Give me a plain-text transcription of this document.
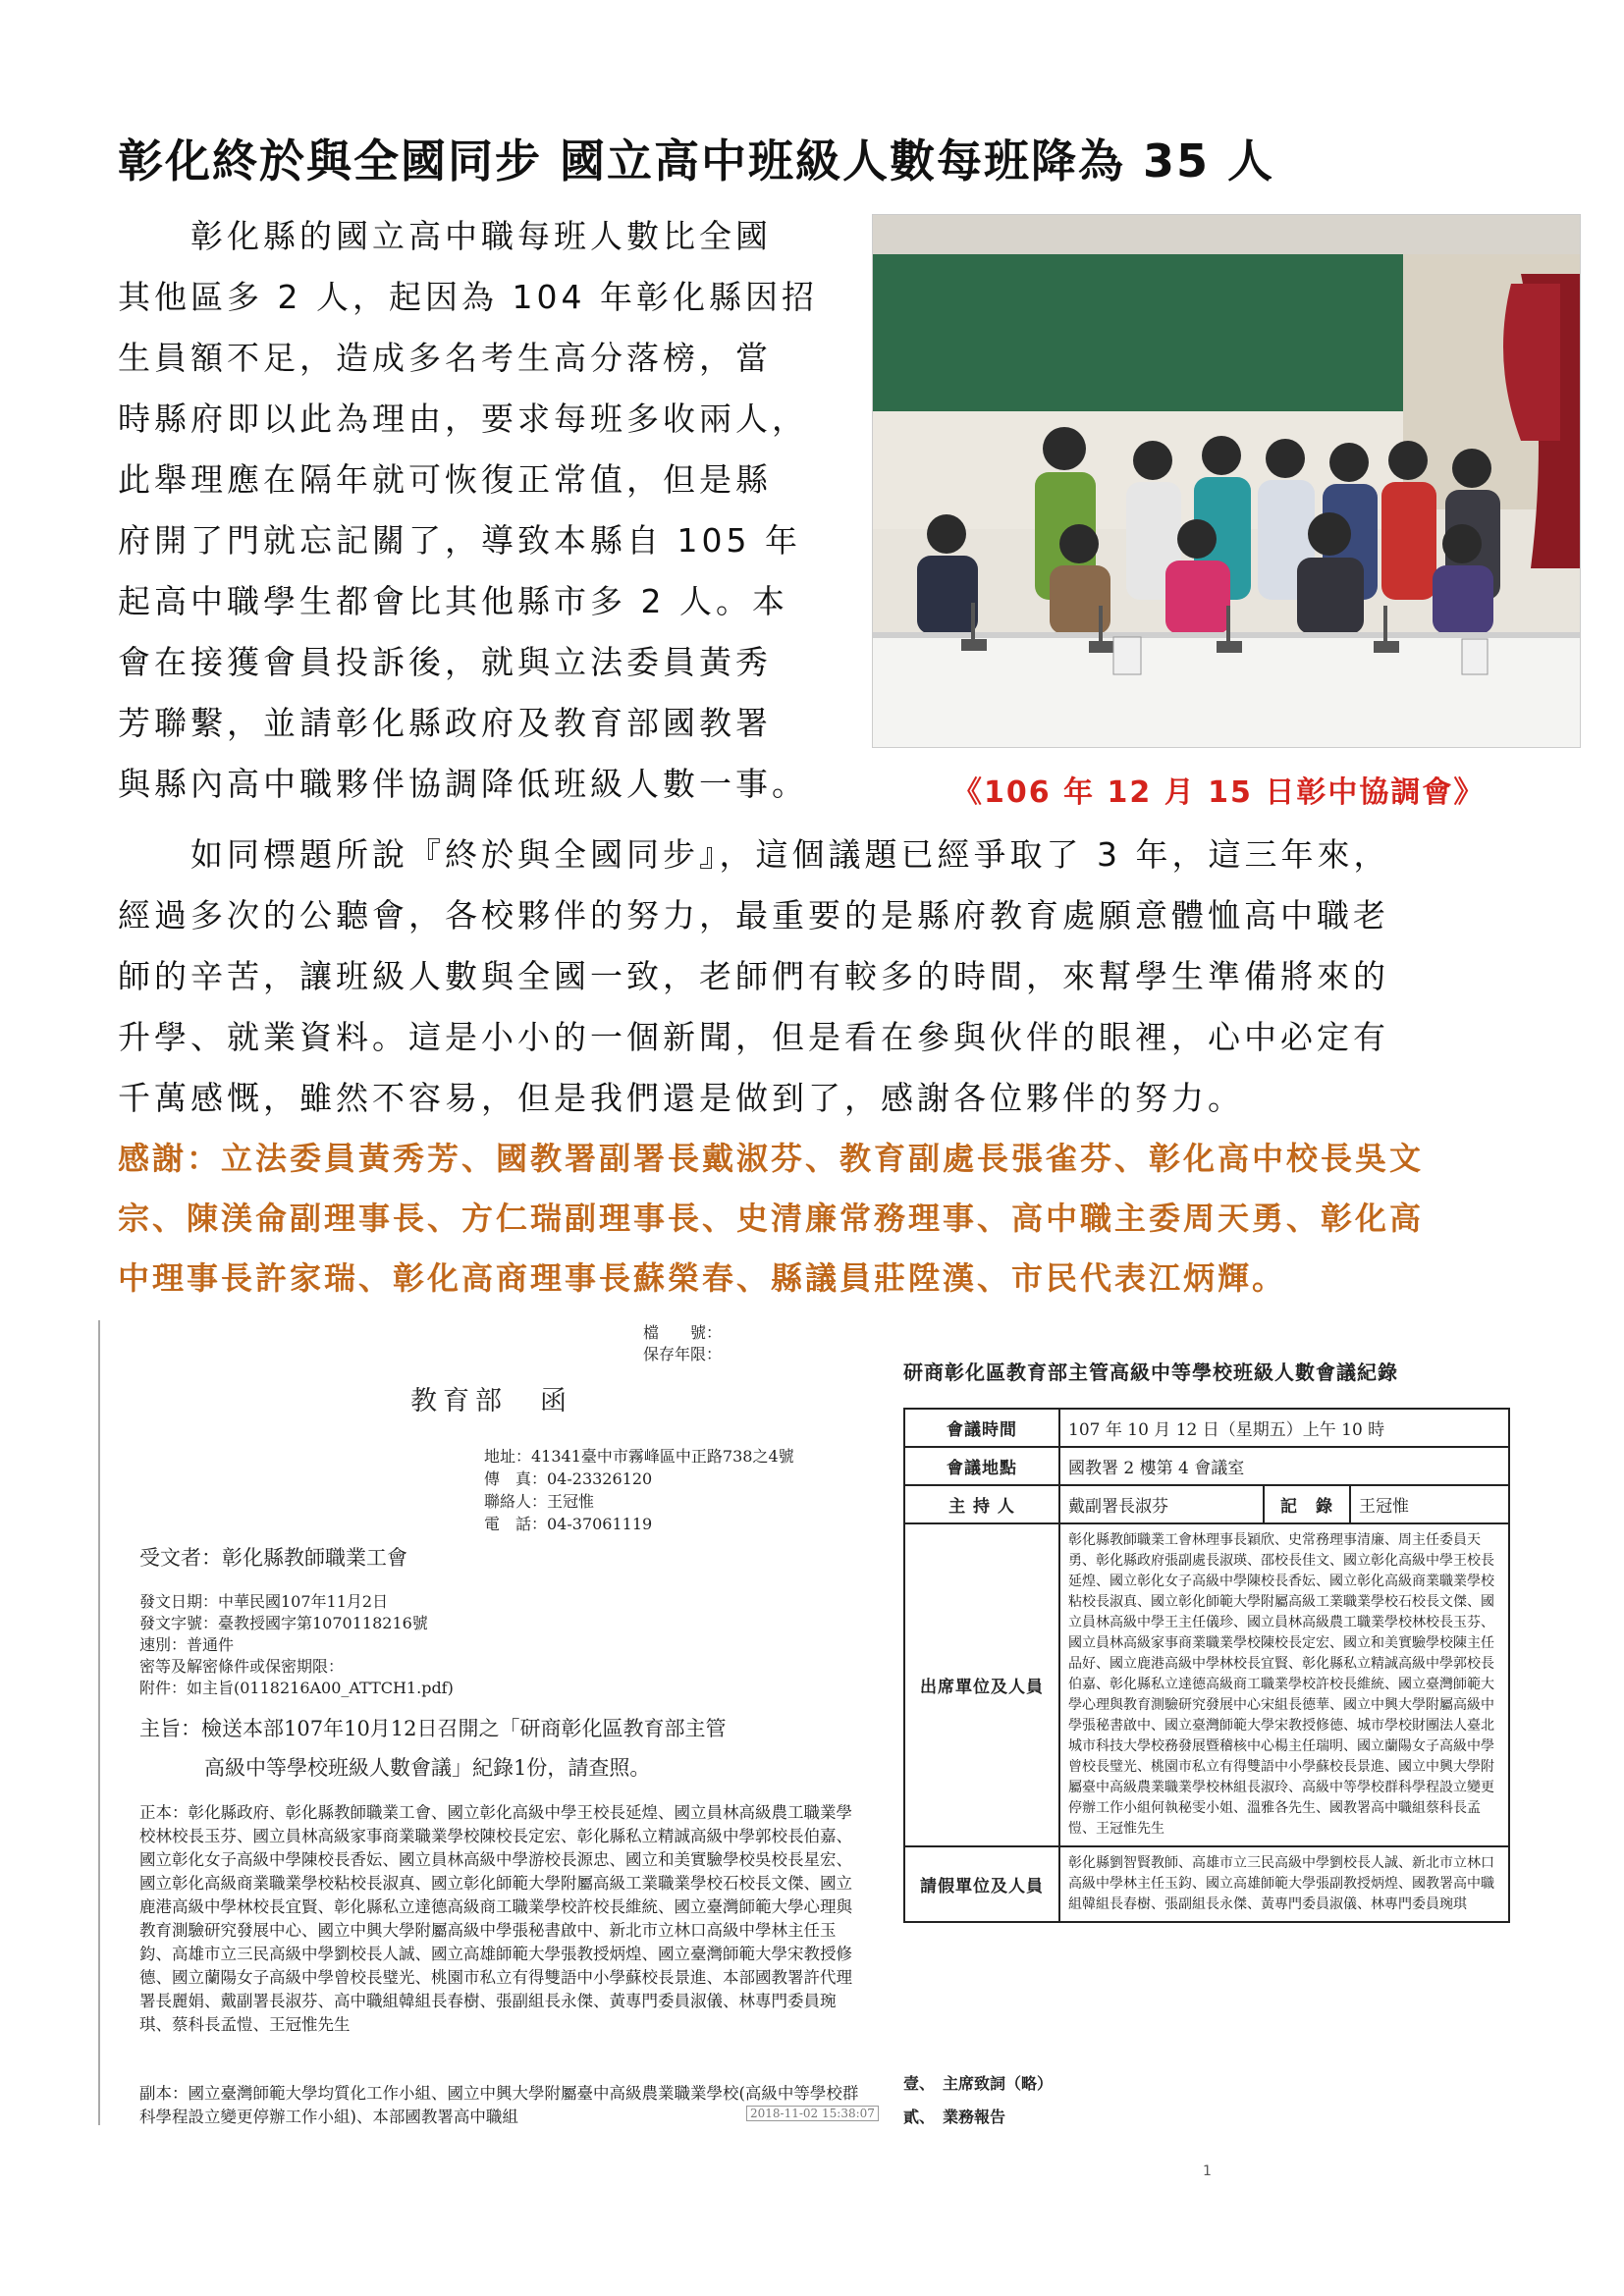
彰化終於與全國同步 國立高中班級人數每班降為 35 人
　　彰化縣的國立高中職每班人數比全國
其他區多 2 人，起因為 104 年彰化縣因招
生員額不足，造成多名考生高分落榜，當
時縣府即以此為理由，要求每班多收兩人，
此舉理應在隔年就可恢復正常值，但是縣
府開了門就忘記關了，導致本縣自 105 年
起高中職學生都會比其他縣市多 2 人。本
會在接獲會員投訴後，就與立法委員黃秀
芳聯繫，並請彰化縣政府及教育部國教署
與縣內高中職夥伴協調降低班級人數一事。	《106 年 12 月 15 日彰中協調會》
　　如同標題所說『終於與全國同步』，這個議題已經爭取了 3 年，這三年來，
經過多次的公聽會，各校夥伴的努力，最重要的是縣府教育處願意體恤高中職老
師的辛苦，讓班級人數與全國一致，老師們有較多的時間，來幫學生準備將來的
升學、就業資料。這是小小的一個新聞，但是看在參與伙伴的眼裡，心中必定有
千萬感慨，雖然不容易，但是我們還是做到了，感謝各位夥伴的努力。
感謝：立法委員黃秀芳、國教署副署長戴淑芬、教育副處長張雀芬、彰化高中校長吳文
宗、陳渼侖副理事長、方仁瑞副理事長、史清廉常務理事、高中職主委周天勇、彰化高
中理事長許家瑞、彰化高商理事長蘇榮春、縣議員莊陞漢、市民代表江炳輝。
檔　　號：
保存年限：
教育部　函
地址：41341臺中市霧峰區中正路738之4號
傳　真：04-23326120
聯絡人：王冠惟
電　話：04-37061119
受文者：彰化縣教師職業工會
發文日期：中華民國107年11月2日
發文字號：臺教授國字第1070118216號
速別：普通件
密等及解密條件或保密期限：
附件：如主旨(0118216A00_ATTCH1.pdf)
主旨：檢送本部107年10月12日召開之「研商彰化區教育部主管
高級中等學校班級人數會議」紀錄1份，請查照。
正本：彰化縣政府、彰化縣教師職業工會、國立彰化高級中學王校長延煌、國立員林高級農工職業學校林校長玉芬、國立員林高級家事商業職業學校陳校長定宏、彰化縣私立精誠高級中學郭校長伯嘉、國立彰化女子高級中學陳校長香妘、國立員林高級中學游校長源忠、國立和美實驗學校吳校長星宏、國立彰化高級商業職業學校粘校長淑真、國立彰化師範大學附屬高級工業職業學校石校長文傑、國立鹿港高級中學林校長宜賢、彰化縣私立達德高級商工職業學校許校長維統、國立臺灣師範大學心理與教育測驗研究發展中心、國立中興大學附屬高級中學張秘書啟中、新北市立林口高級中學林主任玉鈞、高雄市立三民高級中學劉校長人誠、國立高雄師範大學張教授炳煌、國立臺灣師範大學宋教授修德、國立蘭陽女子高級中學曾校長璧光、桃園市私立有得雙語中小學蘇校長景進、本部國教署許代理署長麗娟、戴副署長淑芬、高中職組韓組長春樹、張副組長永傑、黃專門委員淑儀、林專門委員琬琪、蔡科長孟愷、王冠惟先生
副本：國立臺灣師範大學均質化工作小組、國立中興大學附屬臺中高級農業職業學校(高級中等學校群科學程設立變更停辦工作小組)、本部國教署高中職組	2018-11-02 15:38:07
研商彰化區教育部主管高級中等學校班級人數會議紀錄
會議時間	107 年 10 月 12 日（星期五）上午 10 時		
會議地點	國教署 2 樓第 4 會議室		
主 持 人	戴副署長淑芬	記　錄	王冠惟
出席單位及人員	彰化縣教師職業工會林理事長穎欣、史常務理事清廉、周主任委員天勇、彰化縣政府張副處長淑瑛、邵校長佳文、國立彰化高級中學王校長延煌、國立彰化女子高級中學陳校長香妘、國立彰化高級商業職業學校粘校長淑真、國立彰化師範大學附屬高級工業職業學校石校長文傑、國立員林高級中學王主任儀珍、國立員林高級農工職業學校林校長玉芬、國立員林高級家事商業職業學校陳校長定宏、國立和美實驗學校陳主任品好、國立鹿港高級中學林校長宜賢、彰化縣私立精誠高級中學郭校長伯嘉、彰化縣私立達德高級商工職業學校許校長維統、國立臺灣師範大學心理與教育測驗研究發展中心宋組長德華、國立中興大學附屬高級中學張秘書啟中、國立臺灣師範大學宋教授修德、城市學校財團法人臺北城市科技大學校務發展暨稽核中心楊主任瑞明、國立蘭陽女子高級中學曾校長璧光、桃園市私立有得雙語中小學蘇校長景進、國立中興大學附屬臺中高級農業職業學校林組長淑玲、高級中等學校群科學程設立變更停辦工作小組何執秘雯小姐、溫雅各先生、國教署高中職組蔡科長孟愷、王冠惟先生		
請假單位及人員	彰化縣劉智賢教師、高雄市立三民高級中學劉校長人誠、新北市立林口高級中學林主任玉鈞、國立高雄師範大學張副教授炳煌、國教署高中職組韓組長春樹、張副組長永傑、黃專門委員淑儀、林專門委員琬琪		
壹、　主席致詞（略）
貳、　業務報告
1
